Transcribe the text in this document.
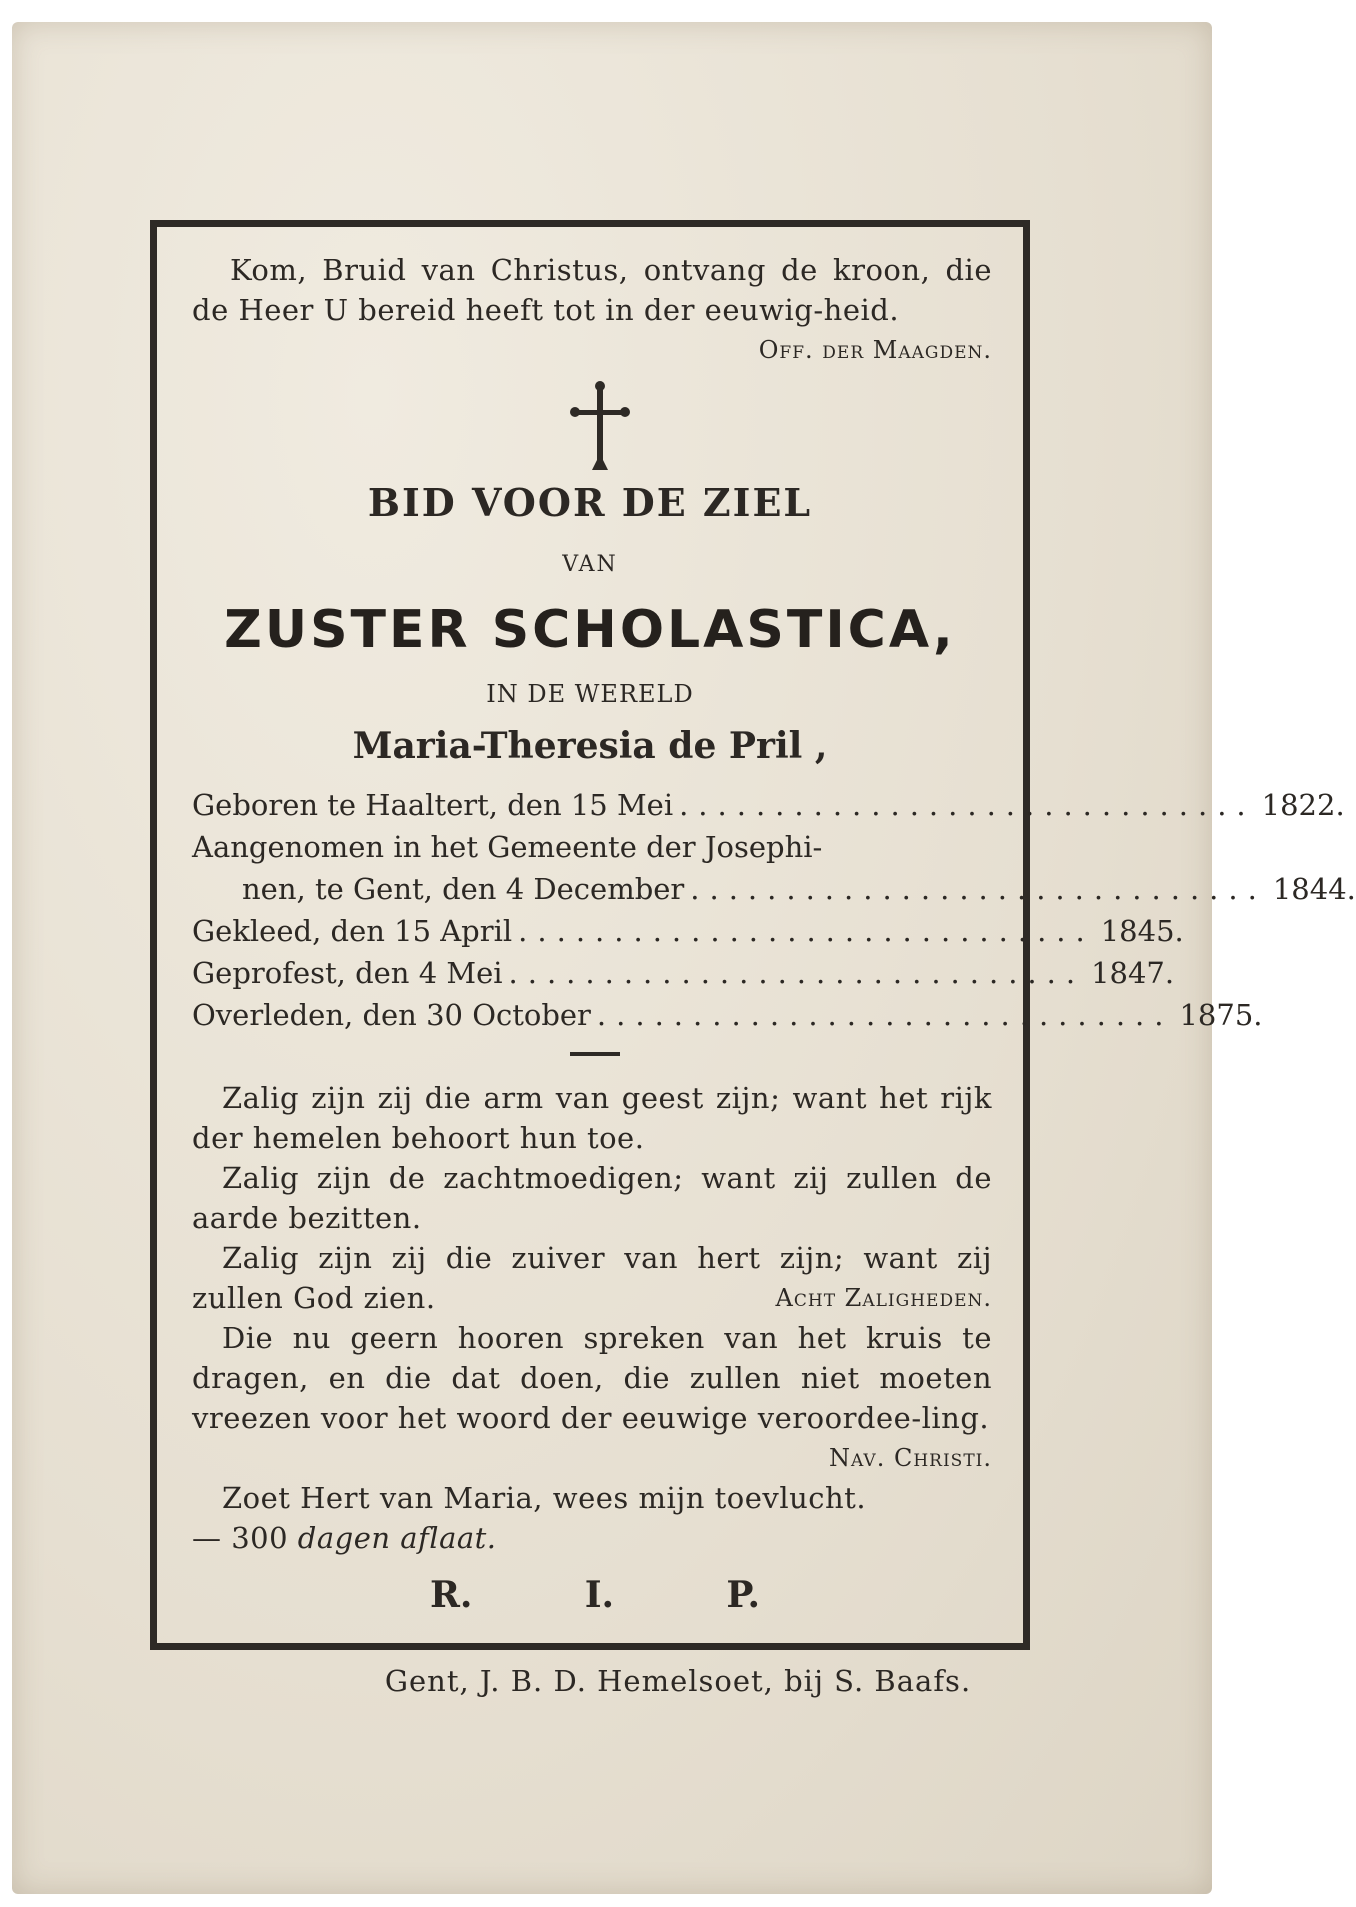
Kom, Bruid van Christus, ontvang de kroon, die de Heer U bereid heeft tot in der eeuwig-heid.
Off. der Maagden.

BID VOOR DE ZIEL

VAN

ZUSTER SCHOLASTICA,

IN DE WERELD

Maria-Theresia de Pril ,

Geboren te Haaltert, den 15 Mei .............................. 1822.
Aangenomen in het Gemeente der Josephi-
nen, te Gent, den 4 December .............................. 1844.
Gekleed, den 15 April .............................. 1845.
Geprofest, den 4 Mei .............................. 1847.
Overleden, den 30 October .............................. 1875.

Zalig zijn zij die arm van geest zijn; want het rijk der hemelen behoort hun toe.

Zalig zijn de zachtmoedigen; want zij zullen de aarde bezitten.

Zalig zijn zij die zuiver van hert zijn; want zij zullen God zien.	Acht Zaligheden.

Die nu geern hooren spreken van het kruis te dragen, en die dat doen, die zullen niet moeten vreezen voor het woord der eeuwige veroordee-ling.
Nav. Christi.

Zoet Hert van Maria, wees mijn toevlucht.

— 300 dagen aflaat.

R.	I.	P.

Gent, J. B. D. Hemelsoet, bij S. Baafs.
